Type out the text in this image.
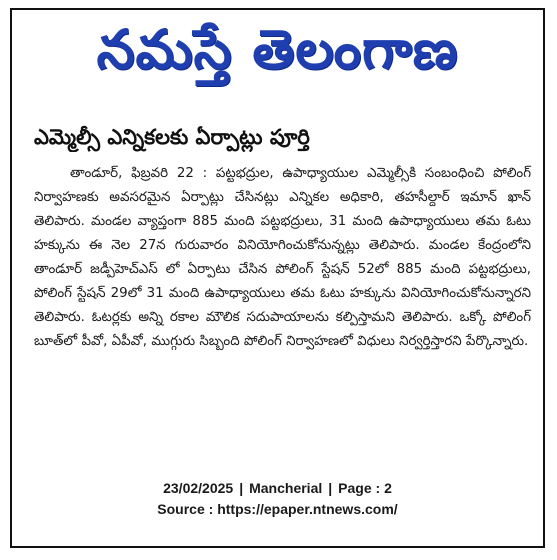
నమస్తే తెలంగాణ
ఎమ్మెల్సీ ఎన్నికలకు ఏర్పాట్లు పూర్తి

తాండూర్, ఫిబ్రవరి 22 : పట్టభద్రుల, ఉపాధ్యాయుల ఎమ్మెల్సీకి సంబంధించి పోలింగ్ నిర్వాహణకు అవసరమైన ఏర్పాట్లు చేసినట్లు ఎన్నికల అధికారి, తహసీల్దార్ ఇమాన్ ఖాన్ తెలిపారు. మండల వ్యాప్తంగా 885 మంది పట్టభద్రులు, 31 మంది ఉపాధ్యాయులు తమ ఓటు హక్కును ఈ నెల 27న గురువారం వినియోగించుకోనున్నట్లు తెలిపారు. మండల కేంద్రంలోని తాండూర్ జడ్పీహెచ్ఎస్ లో ఏర్పాటు చేసిన పోలింగ్ స్టేషన్ 52లో 885 మంది పట్టభద్రులు, పోలింగ్ స్టేషన్ 29లో 31 మంది ఉపాధ్యాయులు తమ ఓటు హక్కును వినియోగించుకోనున్నారని తెలిపారు. ఓటర్లకు అన్ని రకాల మౌలిక సదుపాయాలను కల్పిస్తామని తెలిపారు. ఒక్కో పోలింగ్ బూత్‌లో పీవో, ఏపీవో, ముగ్గురు సిబ్బంది పోలింగ్ నిర్వాహణలో విధులు నిర్వర్తిస్తారని పేర్కొన్నారు.

23/02/2025 | Mancherial | Page : 2
Source : https://epaper.ntnews.com/
